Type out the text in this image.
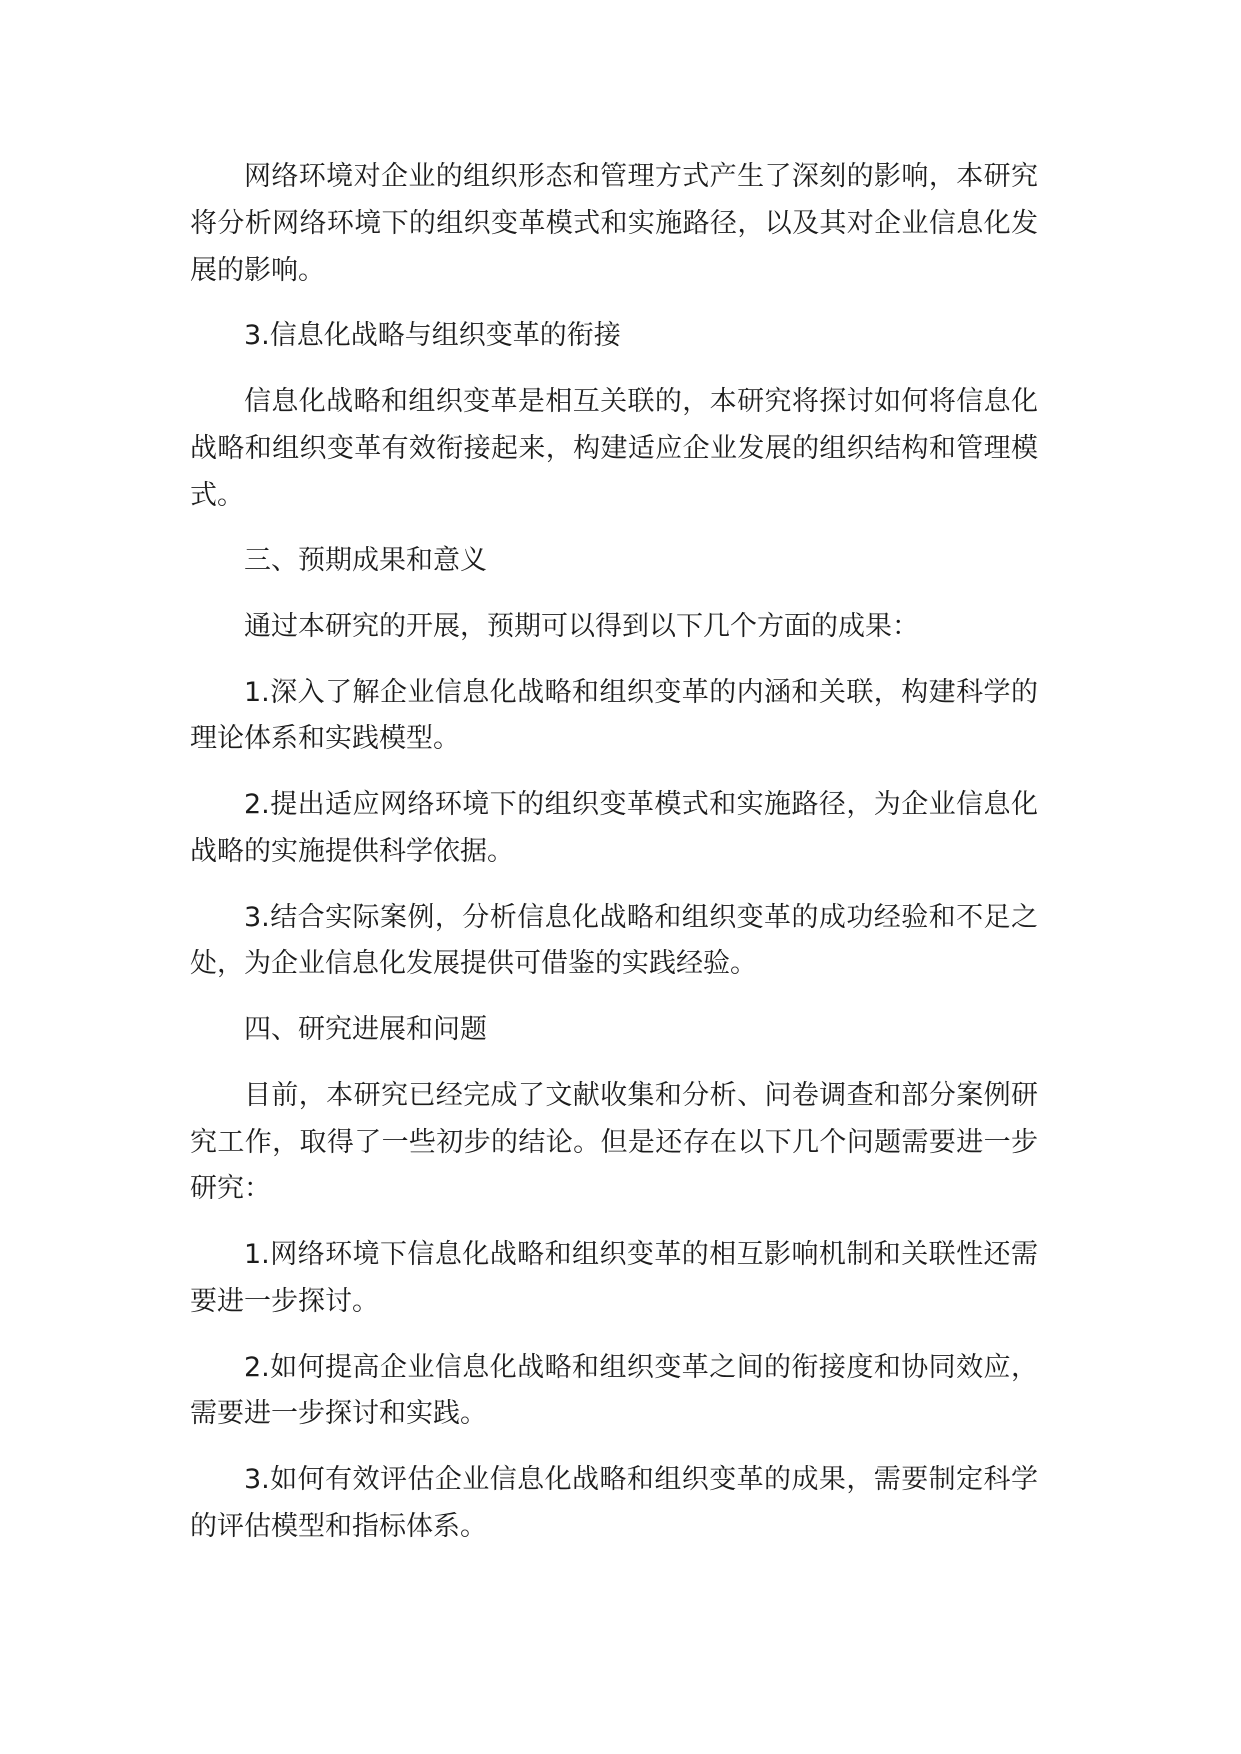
网络环境对企业的组织形态和管理方式产生了深刻的影响，本研究
将分析网络环境下的组织变革模式和实施路径，以及其对企业信息化发
展的影响。

3.信息化战略与组织变革的衔接

信息化战略和组织变革是相互关联的，本研究将探讨如何将信息化
战略和组织变革有效衔接起来，构建适应企业发展的组织结构和管理模
式。

三、预期成果和意义

通过本研究的开展，预期可以得到以下几个方面的成果：

1.深入了解企业信息化战略和组织变革的内涵和关联，构建科学的
理论体系和实践模型。

2.提出适应网络环境下的组织变革模式和实施路径，为企业信息化
战略的实施提供科学依据。

3.结合实际案例，分析信息化战略和组织变革的成功经验和不足之
处，为企业信息化发展提供可借鉴的实践经验。

四、研究进展和问题

目前，本研究已经完成了文献收集和分析、问卷调查和部分案例研
究工作，取得了一些初步的结论。但是还存在以下几个问题需要进一步
研究：

1.网络环境下信息化战略和组织变革的相互影响机制和关联性还需
要进一步探讨。

2.如何提高企业信息化战略和组织变革之间的衔接度和协同效应，
需要进一步探讨和实践。

3.如何有效评估企业信息化战略和组织变革的成果，需要制定科学
的评估模型和指标体系。
